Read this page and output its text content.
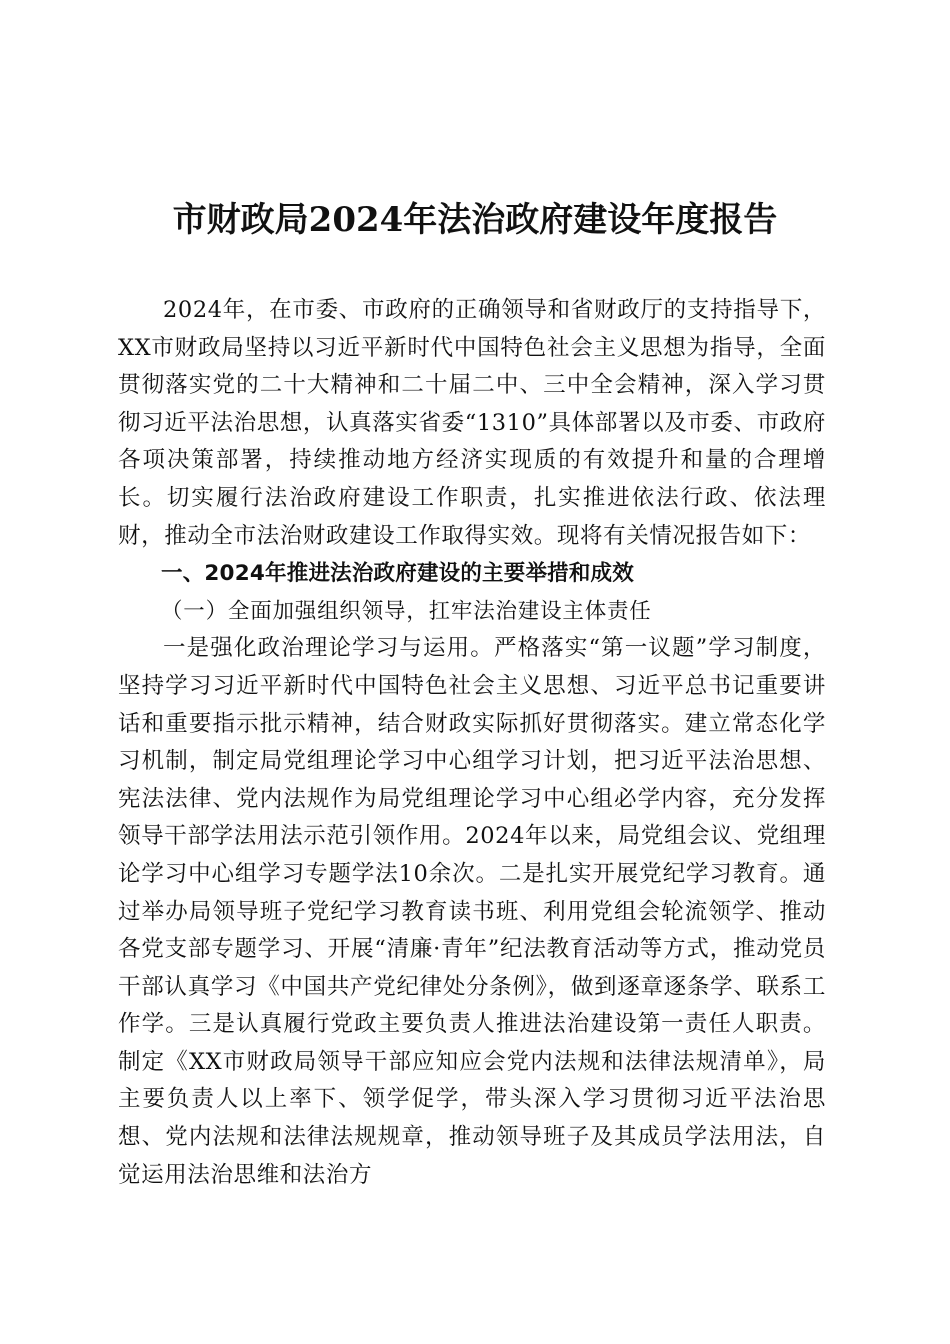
市财政局2024年法治政府建设年度报告

2024年，在市委、市政府的正确领导和省财政厅的支持指导下，XX市财政局坚持以习近平新时代中国特色社会主义思想为指导，全面贯彻落实党的二十大精神和二十届二中、三中全会精神，深入学习贯彻习近平法治思想，认真落实省委“1310”具体部署以及市委、市政府各项决策部署，持续推动地方经济实现质的有效提升和量的合理增长。切实履行法治政府建设工作职责，扎实推进依法行政、依法理财，推动全市法治财政建设工作取得实效。现将有关情况报告如下：

一、2024年推进法治政府建设的主要举措和成效

（一）全面加强组织领导，扛牢法治建设主体责任

一是强化政治理论学习与运用。严格落实“第一议题”学习制度，坚持学习习近平新时代中国特色社会主义思想、习近平总书记重要讲话和重要指示批示精神，结合财政实际抓好贯彻落实。建立常态化学习机制，制定局党组理论学习中心组学习计划，把习近平法治思想、宪法法律、党内法规作为局党组理论学习中心组必学内容，充分发挥领导干部学法用法示范引领作用。2024年以来，局党组会议、党组理论学习中心组学习专题学法10余次。二是扎实开展党纪学习教育。通过举办局领导班子党纪学习教育读书班、利用党组会轮流领学、推动各党支部专题学习、开展“清廉·青年”纪法教育活动等方式，推动党员干部认真学习《中国共产党纪律处分条例》，做到逐章逐条学、联系工作学。三是认真履行党政主要负责人推进法治建设第一责任人职责。制定《XX市财政局领导干部应知应会党内法规和法律法规清单》，局主要负责人以上率下、领学促学，带头深入学习贯彻习近平法治思想、党内法规和法律法规规章，推动领导班子及其成员学法用法，自觉运用法治思维和法治方
